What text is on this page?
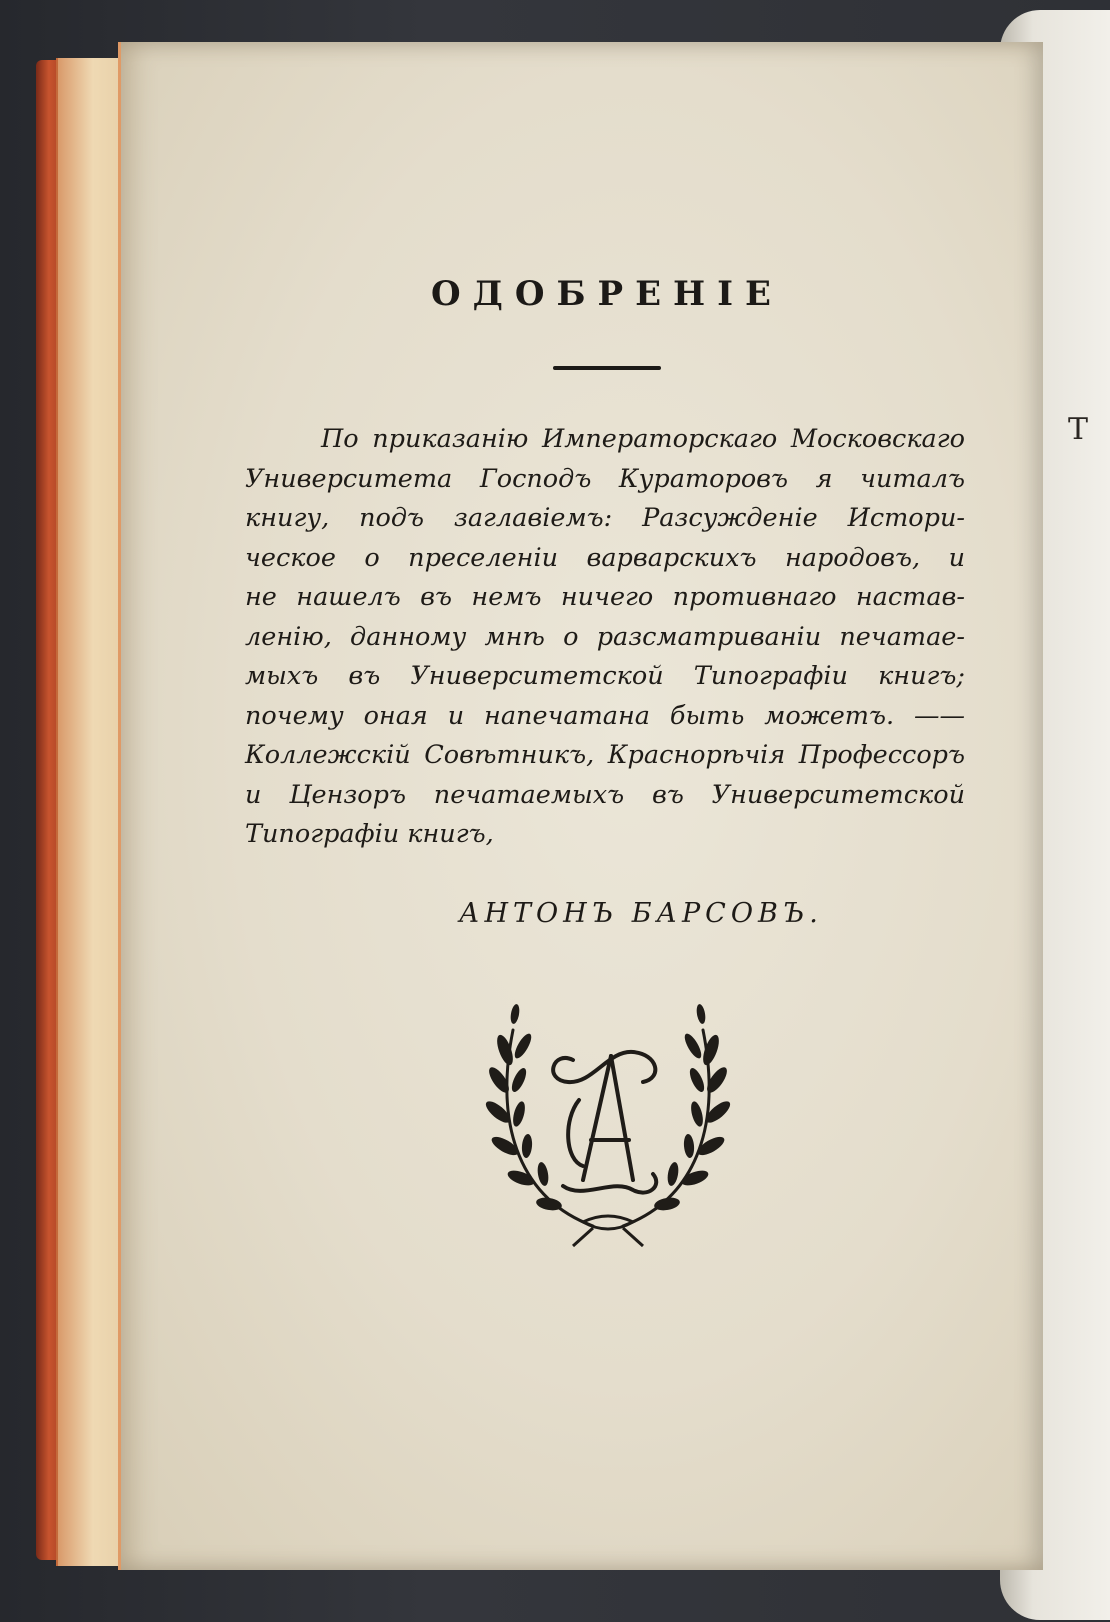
Т

ОДОБРЕНIЕ
По приказанiю Императорскаго Московскаго
Университета Господъ Кураторовъ я читалъ
книгу, подъ заглавiемъ: Разсужденiе Истори-
ческое о преселенiи варварскихъ народовъ, и
не нашелъ въ немъ ничего противнаго настав-
ленiю, данному мнѣ о разсматриванiи печатае-
мыхъ въ Университетской Типографiи книгъ;
почему оная и напечатана быть можетъ. ——
Коллежскiй Совѣтникъ, Краснорѣчiя Профессоръ
и Цензоръ печатаемыхъ въ Университетской
Типографiи книгъ,
АНТОНЪ БАРСОВЪ.
